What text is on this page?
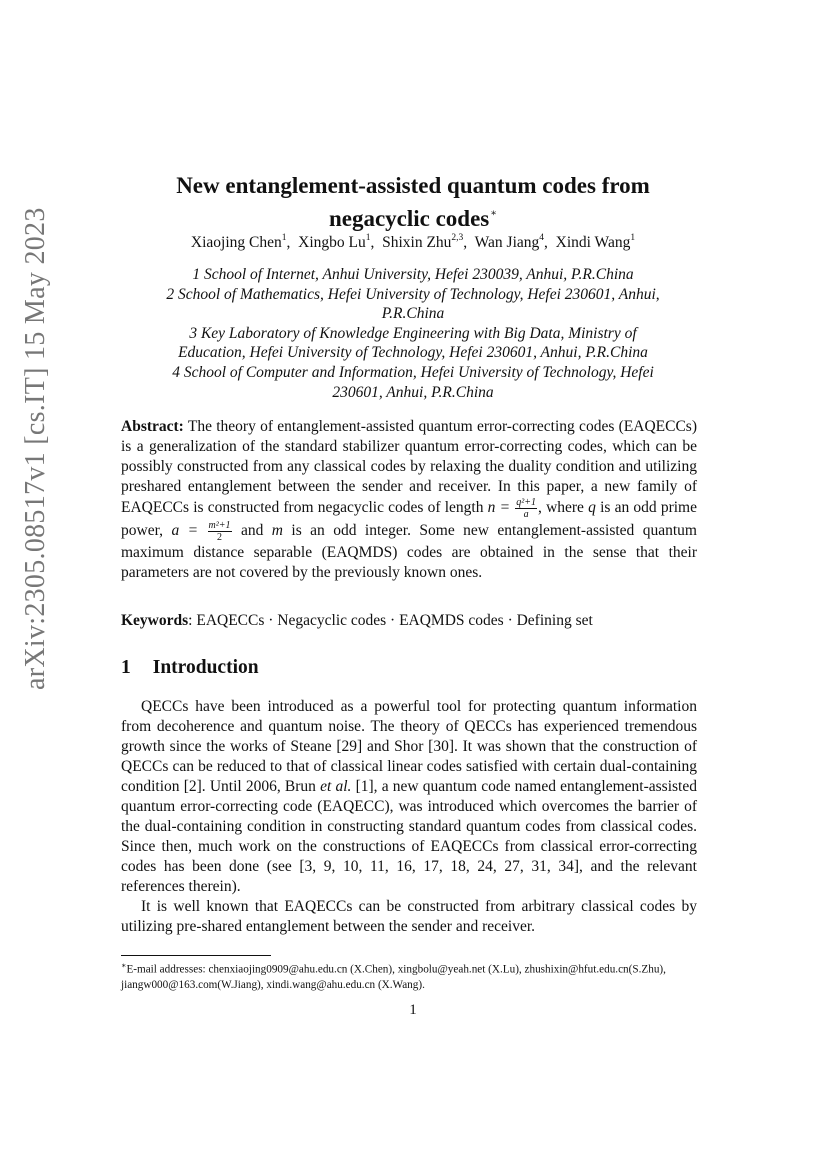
arXiv:2305.08517v1 [cs.IT] 15 May 2023
New entanglement-assisted quantum codes from
negacyclic codes∗
Xiaojing Chen$^1$,  Xingbo Lu$^1$,  Shixin Zhu$^{2,3}$,  Wan Jiang$^4$,  Xindi Wang$^1$
1 School of Internet, Anhui University, Hefei 230039, Anhui, P.R.China
2 School of Mathematics, Hefei University of Technology, Hefei 230601, Anhui,
P.R.China
3 Key Laboratory of Knowledge Engineering with Big Data, Ministry of
Education, Hefei University of Technology, Hefei 230601, Anhui, P.R.China
4 School of Computer and Information, Hefei University of Technology, Hefei
230601, Anhui, P.R.China
Abstract: The theory of entanglement-assisted quantum error-correcting codes (EAQECCs) is a generalization of the standard stabilizer quantum error-correcting codes, which can be possibly constructed from any classical codes by relaxing the duality condition and utilizing preshared entanglement between the sender and receiver. In this paper, a new family of EAQECCs is constructed from negacyclic codes of length $n = \frac{\text{q²+1}}{a}$ , where q is an odd prime power, $a = \frac{\text{m²+1}}{2}$ and m is an odd integer. Some new entanglement-assisted quantum maximum distance separable (EAQMDS) codes are obtained in the sense that their parameters are not covered by the previously known ones.
Keywords: EAQECCs · Negacyclic codes · EAQMDS codes · Defining set
1 Introduction

QECCs have been introduced as a powerful tool for protecting quantum information from decoherence and quantum noise. The theory of QECCs has experienced tremendous growth since the works of Steane [29] and Shor [30]. It was shown that the construction of QECCs can be reduced to that of classical linear codes satisfied with certain dual-containing condition [2]. Until 2006, Brun et al. [1], a new quantum code named entanglement-assisted quantum error-correcting code (EAQECC), was introduced which overcomes the barrier of the dual-containing condition in constructing standard quantum codes from classical codes. Since then, much work on the constructions of EAQECCs from classical error-correcting codes has been done (see [3, 9, 10, 11, 16, 17, 18, 24, 27, 31, 34], and the relevant references therein).

It is well known that EAQECCs can be constructed from arbitrary classical codes by utilizing pre-shared entanglement between the sender and receiver.

∗E-mail addresses: chenxiaojing0909@ahu.edu.cn (X.Chen), xingbolu@yeah.net (X.Lu), zhushixin@hfut.edu.cn(S.Zhu), jiangw000@163.com(W.Jiang), xindi.wang@ahu.edu.cn (X.Wang).
1
